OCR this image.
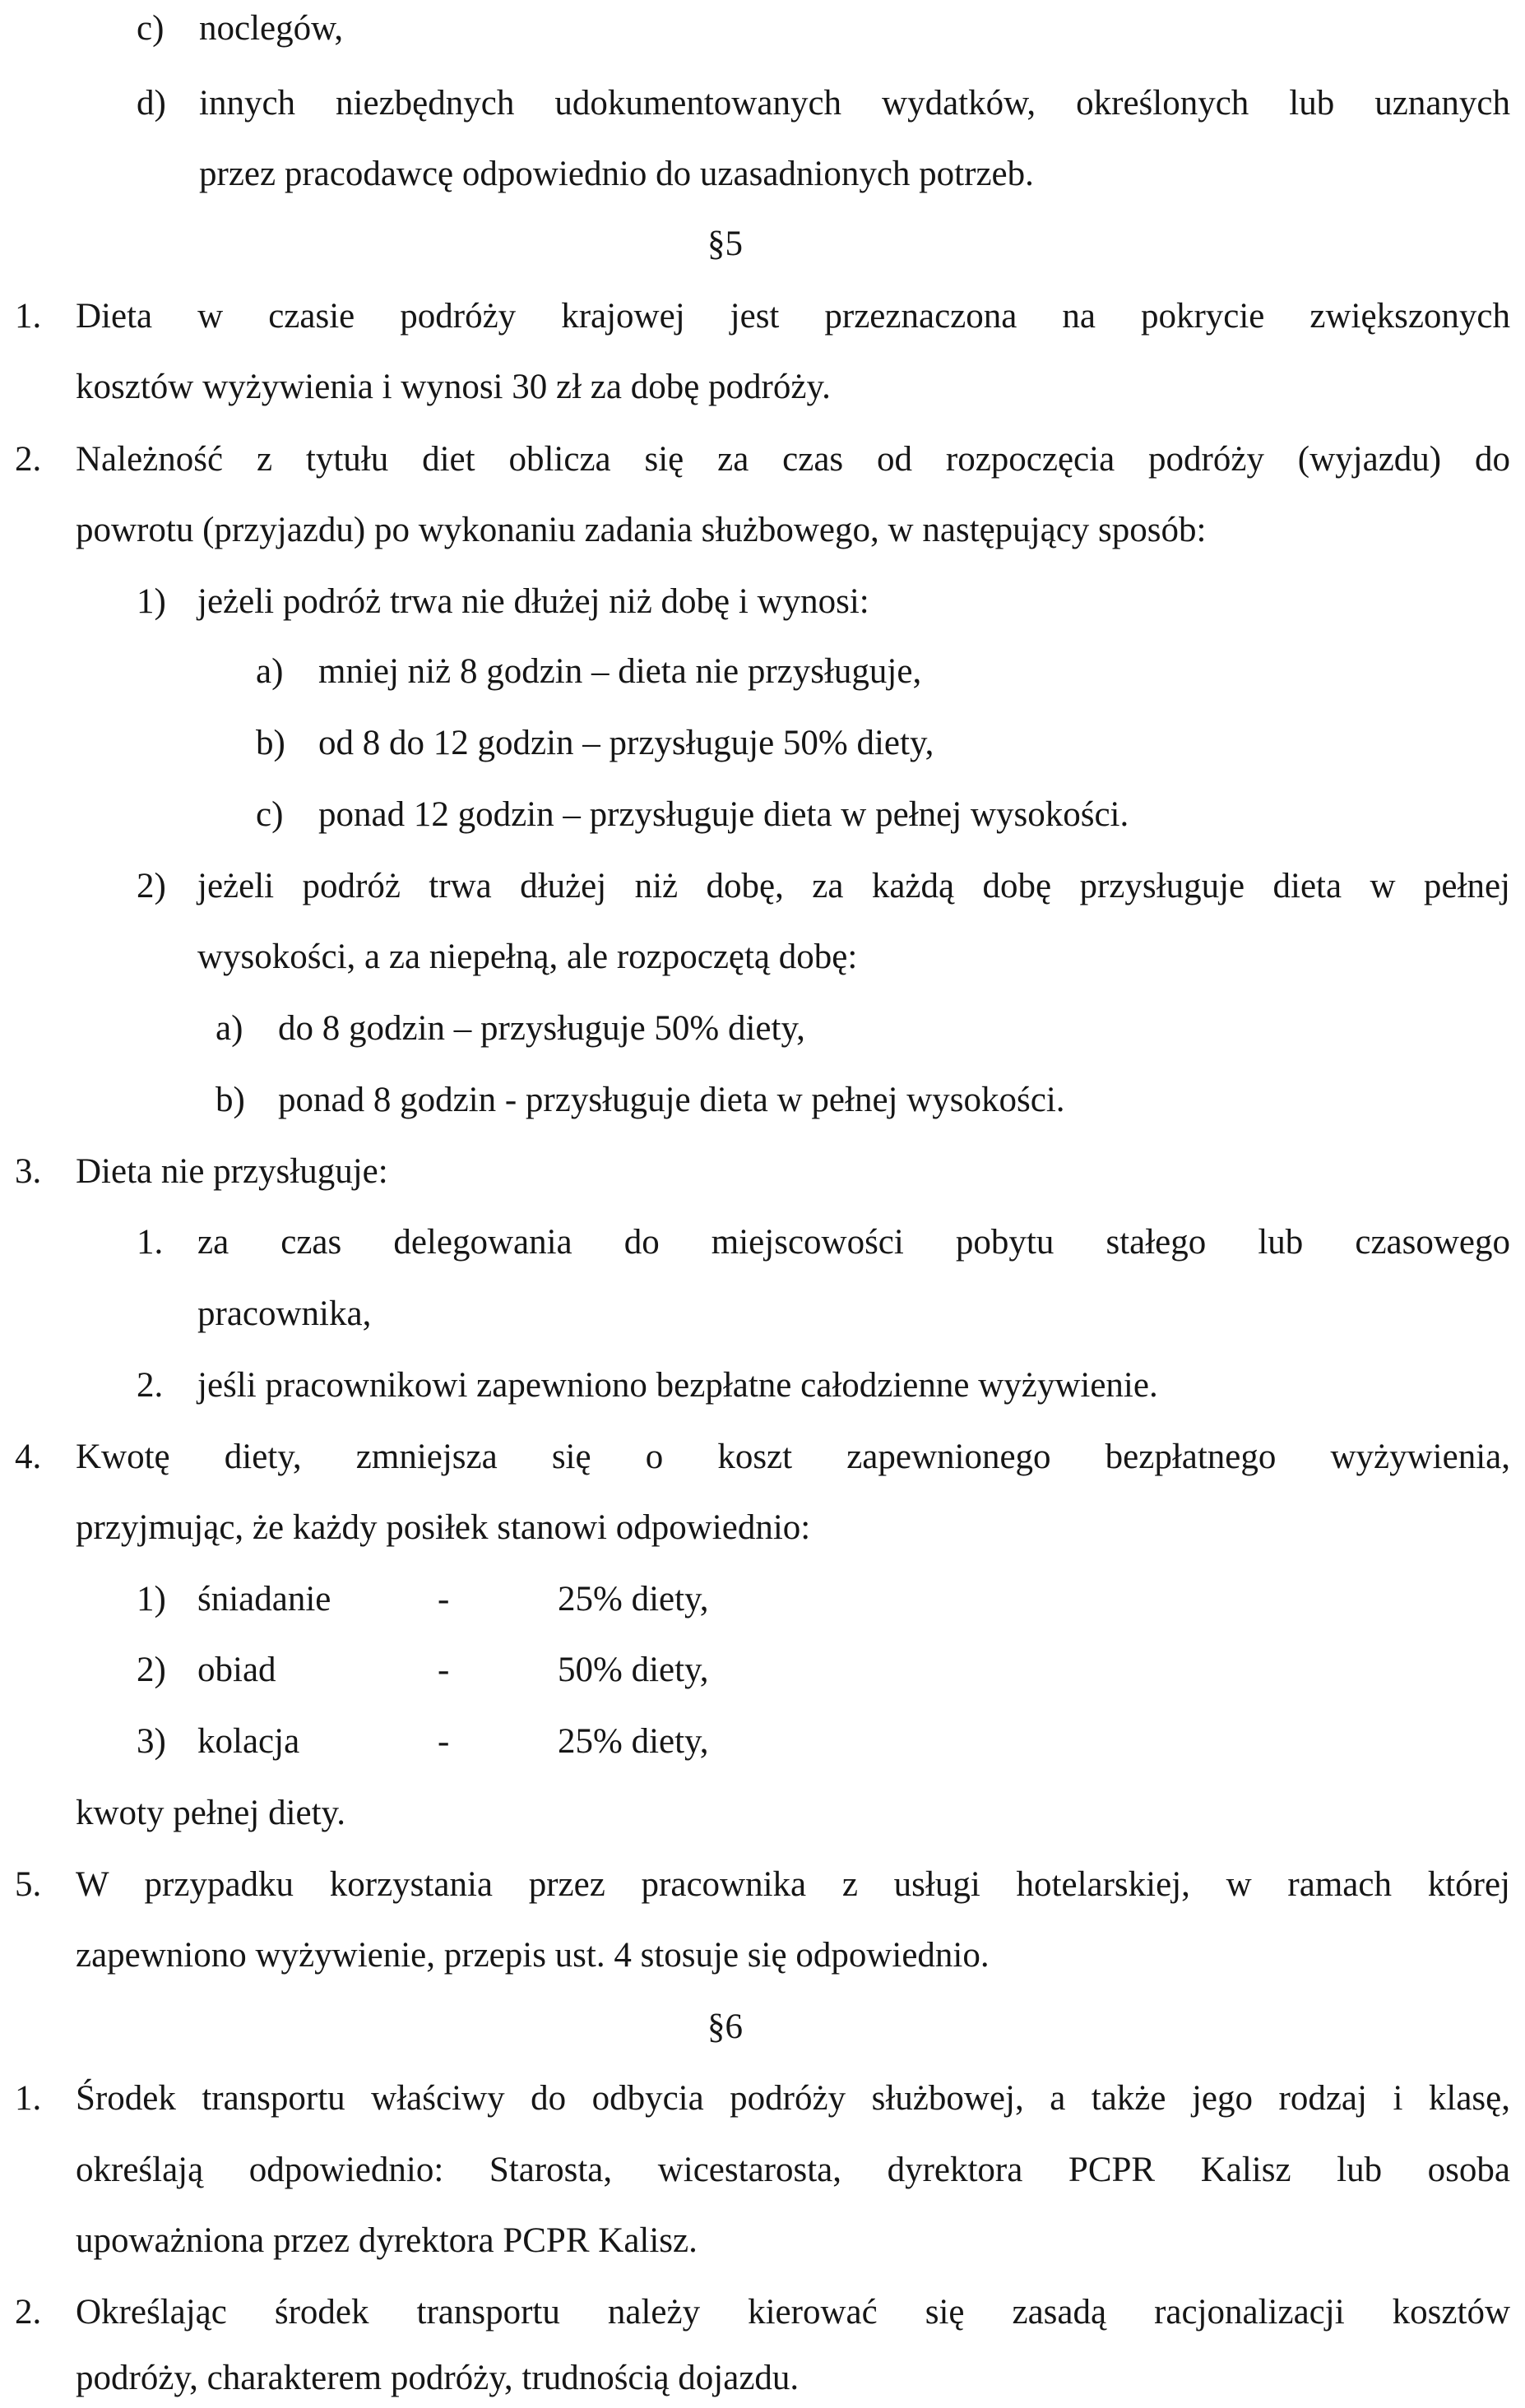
c) noclegów,
d) innych niezbędnych udokumentowanych wydatków, określonych lub uznanych
przez pracodawcę odpowiednio do uzasadnionych potrzeb.
§5
1. Dieta w czasie podróży krajowej jest przeznaczona na pokrycie zwiększonych
kosztów wyżywienia i wynosi 30 zł za dobę podróży.
2. Należność z tytułu diet oblicza się za czas od rozpoczęcia podróży (wyjazdu) do
powrotu (przyjazdu) po wykonaniu zadania służbowego, w następujący sposób:
1) jeżeli podróż trwa nie dłużej niż dobę i wynosi:
a) mniej niż 8 godzin – dieta nie przysługuje,
b) od 8 do 12 godzin – przysługuje 50% diety,
c) ponad 12 godzin – przysługuje dieta w pełnej wysokości.
2) jeżeli podróż trwa dłużej niż dobę, za każdą dobę przysługuje dieta w pełnej
wysokości, a za niepełną, ale rozpoczętą dobę:
a) do 8 godzin – przysługuje 50% diety,
b) ponad 8 godzin - przysługuje dieta w pełnej wysokości.
3. Dieta nie przysługuje:
1. za czas delegowania do miejscowości pobytu stałego lub czasowego
pracownika,
2. jeśli pracownikowi zapewniono bezpłatne całodzienne wyżywienie.
4. Kwotę diety, zmniejsza się o koszt zapewnionego bezpłatnego wyżywienia,
przyjmując, że każdy posiłek stanowi odpowiednio:
1) śniadanie	-	25% diety,
2) obiad	-	50% diety,
3) kolacja	-	25% diety,
kwoty pełnej diety.
5. W przypadku korzystania przez pracownika z usługi hotelarskiej, w ramach której
zapewniono wyżywienie, przepis ust. 4 stosuje się odpowiednio.
§6
1. Środek transportu właściwy do odbycia podróży służbowej, a także jego rodzaj i klasę,
określają odpowiednio: Starosta, wicestarosta, dyrektora PCPR Kalisz lub osoba
upoważniona przez dyrektora PCPR Kalisz.
2. Określając środek transportu należy kierować się zasadą racjonalizacji kosztów
podróży, charakterem podróży, trudnością dojazdu.
